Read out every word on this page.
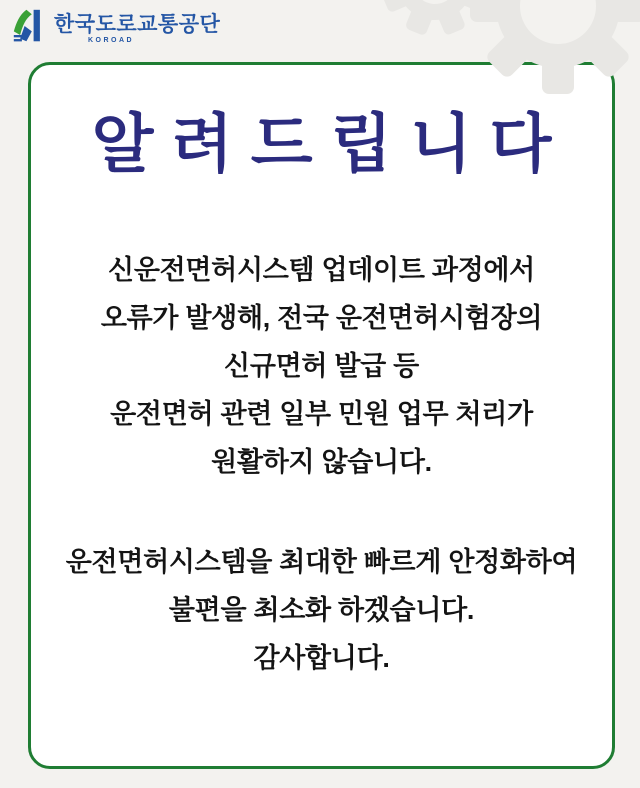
한국도로교통공단
KOROAD
알 려 드 립 니 다
신운전면허시스템 업데이트 과정에서
오류가 발생해, 전국 운전면허시험장의
신규면허 발급 등
운전면허 관련 일부 민원 업무 처리가
원활하지 않습니다.
운전면허시스템을 최대한 빠르게 안정화하여
불편을 최소화 하겠습니다.
감사합니다.
